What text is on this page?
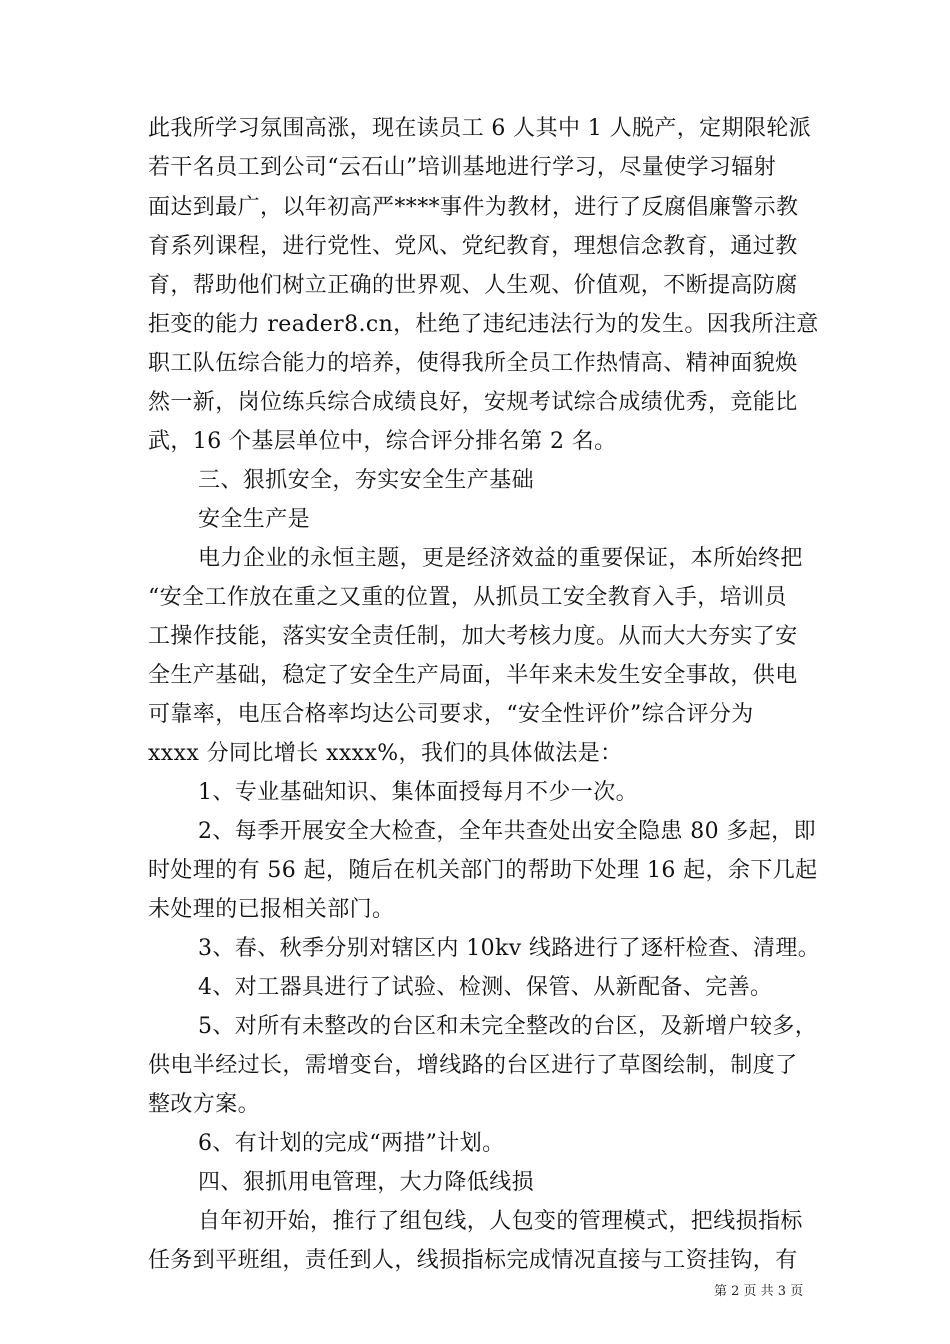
此我所学习氛围高涨，现在读员工 6 人其中 1 人脱产，定期限轮派
若干名员工到公司“云石山”培训基地进行学习，尽量使学习辐射
面达到最广，以年初高严****事件为教材，进行了反腐倡廉警示教
育系列课程，进行党性、党风、党纪教育，理想信念教育，通过教
育，帮助他们树立正确的世界观、人生观、价值观，不断提高防腐
拒变的能力 reader8.cn，杜绝了违纪违法行为的发生。因我所注意
职工队伍综合能力的培养，使得我所全员工作热情高、精神面貌焕
然一新，岗位练兵综合成绩良好，安规考试综合成绩优秀，竞能比
武，16 个基层单位中，综合评分排名第 2 名。
三、狠抓安全，夯实安全生产基础
安全生产是
电力企业的永恒主题，更是经济效益的重要保证，本所始终把
“安全工作放在重之又重的位置，从抓员工安全教育入手，培训员
工操作技能，落实安全责任制，加大考核力度。从而大大夯实了安
全生产基础，稳定了安全生产局面，半年来未发生安全事故，供电
可靠率，电压合格率均达公司要求，“安全性评价”综合评分为
xxxx 分同比增长 xxxx%，我们的具体做法是：
1、专业基础知识、集体面授每月不少一次。
2、每季开展安全大检查，全年共查处出安全隐患 80 多起，即
时处理的有 56 起，随后在机关部门的帮助下处理 16 起，余下几起
未处理的已报相关部门。
3、春、秋季分别对辖区内 10kv 线路进行了逐杆检查、清理。
4、对工器具进行了试验、检测、保管、从新配备、完善。
5、对所有未整改的台区和未完全整改的台区，及新增户较多，
供电半经过长，需增变台，增线路的台区进行了草图绘制，制度了
整改方案。
6、有计划的完成“两措”计划。
四、狠抓用电管理，大力降低线损
自年初开始，推行了组包线，人包变的管理模式，把线损指标
任务到平班组，责任到人，线损指标完成情况直接与工资挂钩，有
第 2 页 共 3 页
